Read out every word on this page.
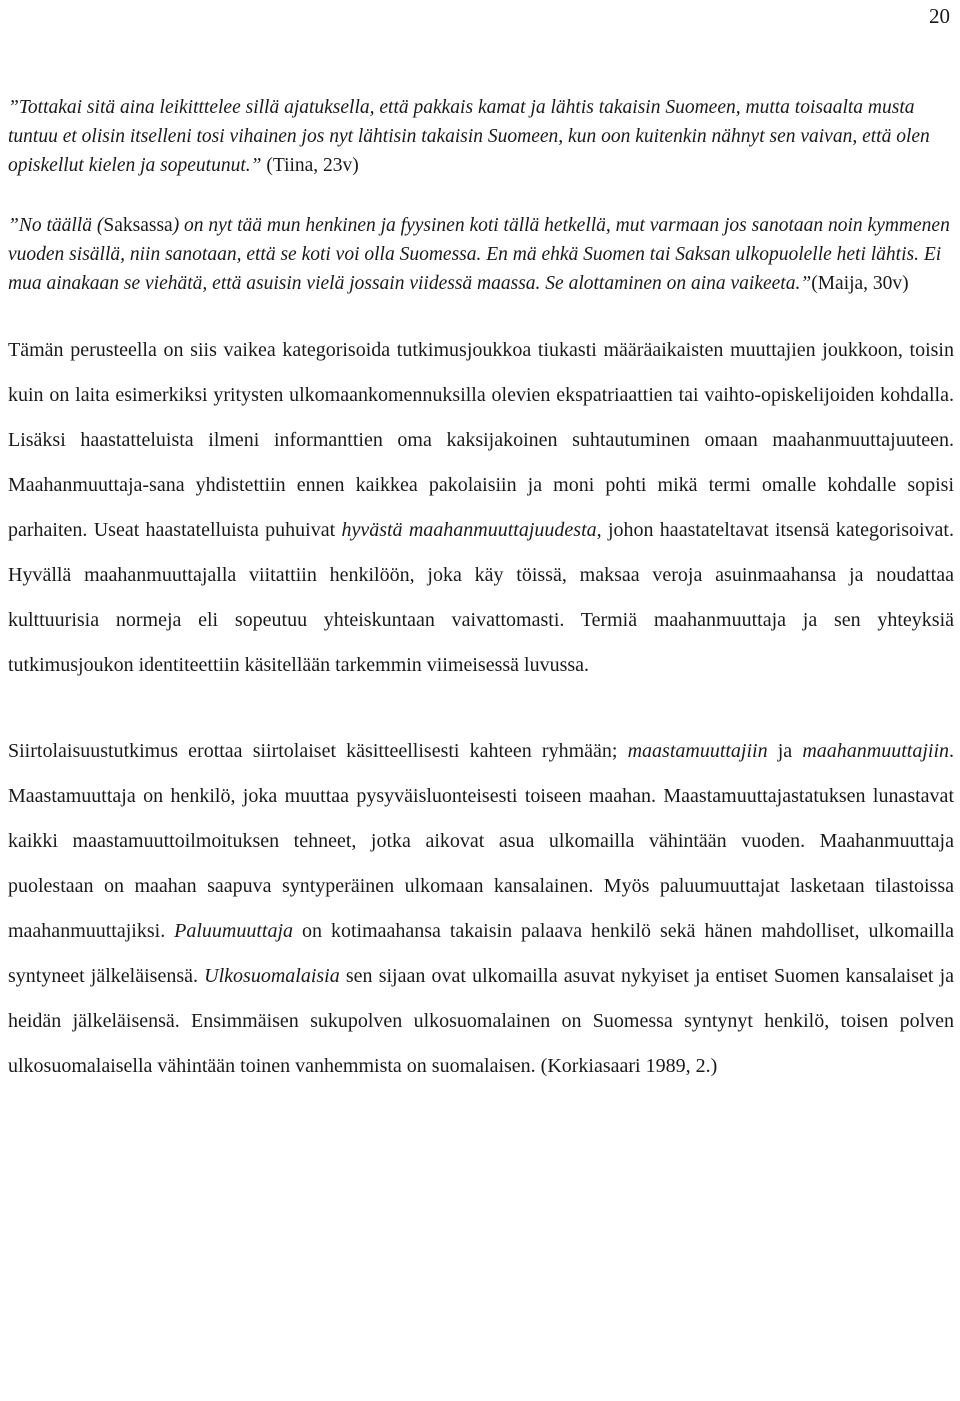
20

”Tottakai sitä aina leikitttelee sillä ajatuksella, että pakkais kamat ja lähtis takaisin Suomeen, mutta toisaalta musta tuntuu et olisin itselleni tosi vihainen jos nyt lähtisin takaisin Suomeen, kun oon kuitenkin nähnyt sen vaivan, että olen opiskellut kielen ja sopeutunut.” (Tiina, 23v)

”No täällä (Saksassa) on nyt tää mun henkinen ja fyysinen koti tällä hetkellä, mut varmaan jos sanotaan noin kymmenen vuoden sisällä, niin sanotaan, että se koti voi olla Suomessa. En mä ehkä Suomen tai Saksan ulkopuolelle heti lähtis. Ei mua ainakaan se viehätä, että asuisin vielä jossain viidessä maassa. Se alottaminen on aina vaikeeta.”(Maija, 30v)

Tämän perusteella on siis vaikea kategorisoida tutkimusjoukkoa tiukasti määräaikaisten muuttajien joukkoon, toisin kuin on laita esimerkiksi yritysten ulkomaankomennuksilla olevien ekspatriaattien tai vaihto-opiskelijoiden kohdalla. Lisäksi haastatteluista ilmeni informanttien oma kaksijakoinen suhtautuminen omaan maahanmuuttajuuteen. Maahanmuuttaja-sana yhdistettiin ennen kaikkea pakolaisiin ja moni pohti mikä termi omalle kohdalle sopisi parhaiten. Useat haastatelluista puhuivat hyvästä maahanmuuttajuudesta, johon haastateltavat itsensä kategorisoivat. Hyvällä maahanmuuttajalla viitattiin henkilöön, joka käy töissä, maksaa veroja asuinmaahansa ja noudattaa kulttuurisia normeja eli sopeutuu yhteiskuntaan vaivattomasti. Termiä maahanmuuttaja ja sen yhteyksiä tutkimusjoukon identiteettiin käsitellään tarkemmin viimeisessä luvussa.

Siirtolaisuustutkimus erottaa siirtolaiset käsitteellisesti kahteen ryhmään; maastamuuttajiin ja maahanmuuttajiin. Maastamuuttaja on henkilö, joka muuttaa pysyväisluonteisesti toiseen maahan. Maastamuuttajastatuksen lunastavat kaikki maastamuuttoilmoituksen tehneet, jotka aikovat asua ulkomailla vähintään vuoden. Maahanmuuttaja puolestaan on maahan saapuva syntyperäinen ulkomaan kansalainen. Myös paluumuuttajat lasketaan tilastoissa maahanmuuttajiksi. Paluumuuttaja on kotimaahansa takaisin palaava henkilö sekä hänen mahdolliset, ulkomailla syntyneet jälkeläisensä. Ulkosuomalaisia sen sijaan ovat ulkomailla asuvat nykyiset ja entiset Suomen kansalaiset ja heidän jälkeläisensä. Ensimmäisen sukupolven ulkosuomalainen on Suomessa syntynyt henkilö, toisen polven ulkosuomalaisella vähintään toinen vanhemmista on suomalaisen. (Korkiasaari 1989, 2.)
